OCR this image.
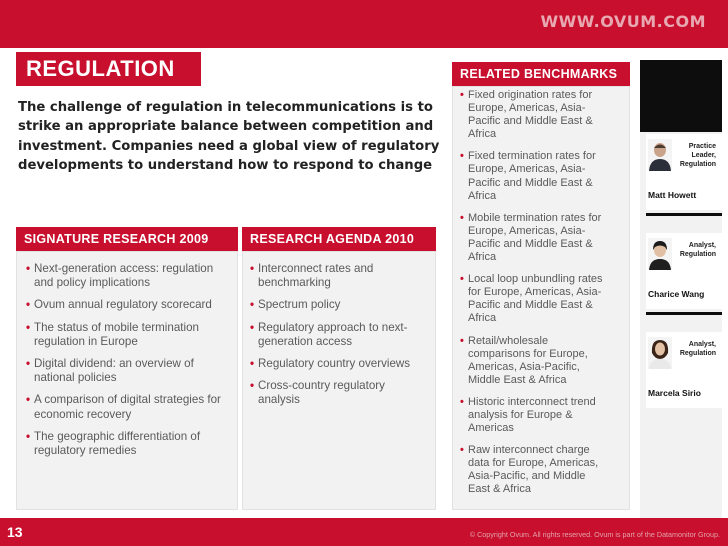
WWW.OVUM.COM
REGULATION
The challenge of regulation in telecommunications is to strike an appropriate balance between competition and investment. Companies need a global view of regulatory developments to understand how to respond to change
SIGNATURE RESEARCH 2009
• Next-generation access: regulation and policy implications
• Ovum annual regulatory scorecard
• The status of mobile termination regulation in Europe
• Digital dividend: an overview of national policies
• A comparison of digital strategies for economic recovery
• The geographic differentiation of regulatory remedies
RESEARCH AGENDA 2010
• Interconnect rates and benchmarking
• Spectrum policy
• Regulatory approach to next-generation access
• Regulatory country overviews
• Cross-country regulatory analysis
RELATED BENCHMARKS
• Fixed origination rates for Europe, Americas, Asia-Pacific and Middle East & Africa
• Fixed termination rates for Europe, Americas, Asia-Pacific and Middle East & Africa
• Mobile termination rates for Europe, Americas, Asia-Pacific and Middle East & Africa
• Local loop unbundling rates for Europe, Americas, Asia-Pacific and Middle East & Africa
• Retail/wholesale comparisons for Europe, Americas, Asia-Pacific, Middle East & Africa
• Historic interconnect trend analysis for Europe & Americas
• Raw interconnect charge data for Europe, Americas, Asia-Pacific, and Middle East & Africa
Practice Leader, Regulation
Matt Howett
Analyst, Regulation
Charice Wang
Analyst, Regulation
Marcela Sirio
13	© Copyright Ovum. All rights reserved. Ovum is part of the Datamonitor Group.
